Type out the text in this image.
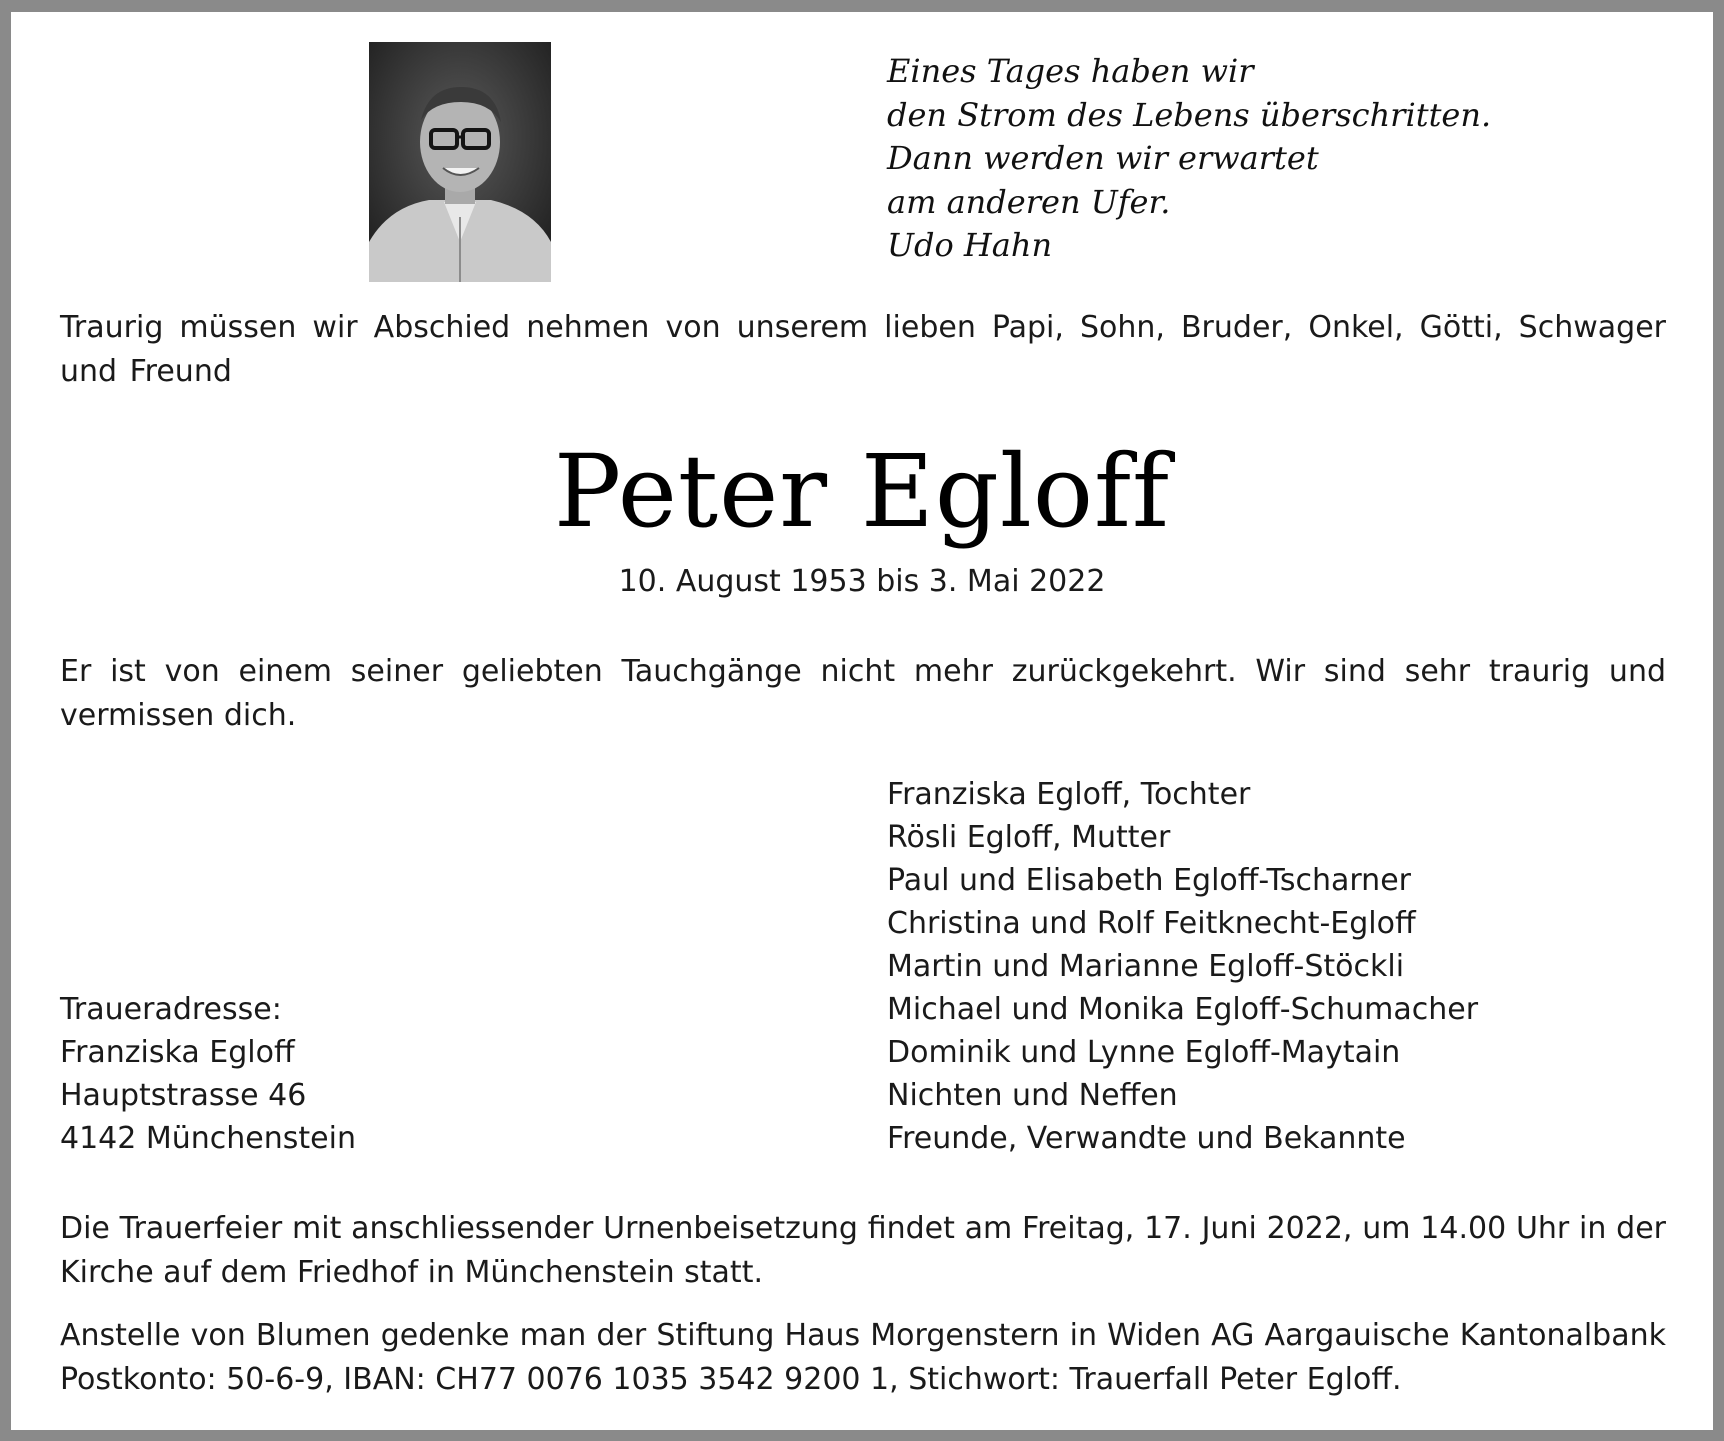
Eines Tages haben wir
den Strom des Lebens überschritten.
Dann werden wir erwartet
am anderen Ufer.
Udo Hahn
Traurig müssen wir Abschied nehmen von unserem lieben Papi, Sohn, Bruder, Onkel, Götti, Schwager und Freund
Peter Egloff
10. August 1953 bis 3. Mai 2022
Er ist von einem seiner geliebten Tauchgänge nicht mehr zurückgekehrt. Wir sind sehr traurig und vermissen dich.
Franziska Egloff, Tochter
Rösli Egloff, Mutter
Paul und Elisabeth Egloff-Tscharner
Christina und Rolf Feitknecht-Egloff
Martin und Marianne Egloff-Stöckli
Michael und Monika Egloff-Schumacher
Dominik und Lynne Egloff-Maytain
Nichten und Neffen
Freunde, Verwandte und Bekannte
Traueradresse:
Franziska Egloff
Hauptstrasse 46
4142 Münchenstein
Die Trauerfeier mit anschliessender Urnenbeisetzung findet am Freitag, 17. Juni 2022, um 14.00 Uhr in der Kirche auf dem Friedhof in Münchenstein statt.
Anstelle von Blumen gedenke man der Stiftung Haus Morgenstern in Widen AG Aargauische Kantonalbank Postkonto: 50-6-9, IBAN: CH77 0076 1035 3542 9200 1, Stichwort: Trauerfall Peter Egloff.
